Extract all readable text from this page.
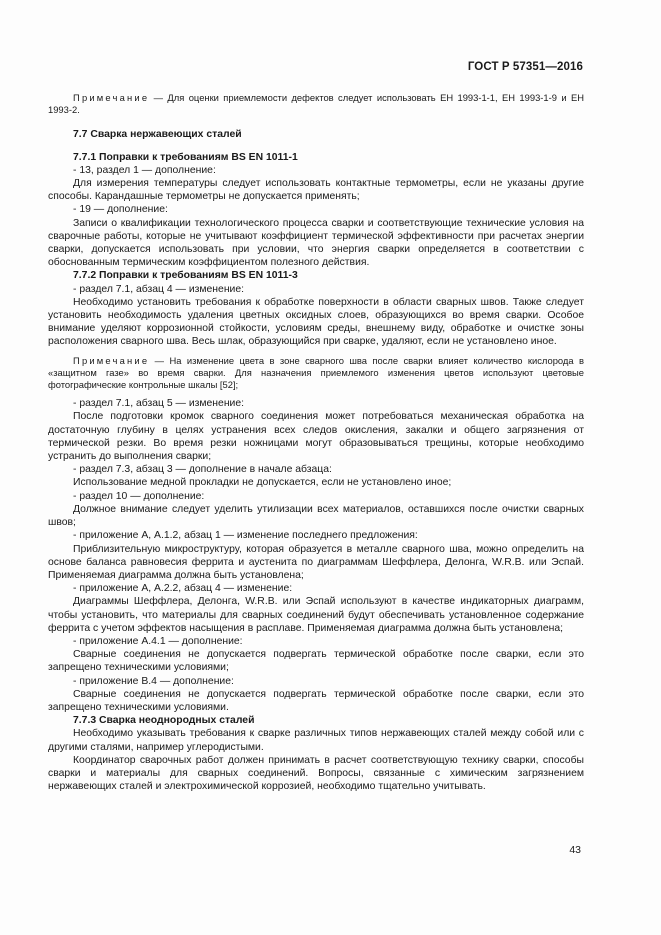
ГОСТ Р 57351—2016

Примечание — Для оценки приемлемости дефектов следует использовать ЕН 1993-1-1, ЕН 1993-1-9 и ЕН 1993-2.

7.7 Сварка нержавеющих сталей

7.7.1 Поправки к требованиям BS EN 1011-1

- 13, раздел 1 — дополнение:

Для измерения температуры следует использовать контактные термометры, если не указаны другие способы. Карандашные термометры не допускается применять;

- 19 — дополнение:

Записи о квалификации технологического процесса сварки и соответствующие технические условия на сварочные работы, которые не учитывают коэффициент термической эффективности при расчетах энергии сварки, допускается использовать при условии, что энергия сварки определяется в соответствии с обоснованным термическим коэффициентом полезного действия.

7.7.2 Поправки к требованиям BS EN 1011-3

- раздел 7.1, абзац 4 — изменение:

Необходимо установить требования к обработке поверхности в области сварных швов. Также следует установить необходимость удаления цветных оксидных слоев, образующихся во время сварки. Особое внимание уделяют коррозионной стойкости, условиям среды, внешнему виду, обработке и очистке зоны расположения сварного шва. Весь шлак, образующийся при сварке, удаляют, если не установлено иное.

Примечание — На изменение цвета в зоне сварного шва после сварки влияет количество кислорода в «защитном газе» во время сварки. Для назначения приемлемого изменения цветов используют цветовые фотографические контрольные шкалы [52];

- раздел 7.1, абзац 5 — изменение:

После подготовки кромок сварного соединения может потребоваться механическая обработка на достаточную глубину в целях устранения всех следов окисления, закалки и общего загрязнения от термической резки. Во время резки ножницами могут образовываться трещины, которые необходимо устранить до выполнения сварки;

- раздел 7.3, абзац 3 — дополнение в начале абзаца:

Использование медной прокладки не допускается, если не установлено иное;

- раздел 10 — дополнение:

Должное внимание следует уделить утилизации всех материалов, оставшихся после очистки сварных швов;

- приложение А, А.1.2, абзац 1 — изменение последнего предложения:

Приблизительную микроструктуру, которая образуется в металле сварного шва, можно определить на основе баланса равновесия феррита и аустенита по диаграммам Шеффлера, Делонга, W.R.B. или Эспай. Применяемая диаграмма должна быть установлена;

- приложение А, А.2.2, абзац 4 — изменение:

Диаграммы Шеффлера, Делонга, W.R.B. или Эспай используют в качестве индикаторных диаграмм, чтобы установить, что материалы для сварных соединений будут обеспечивать установленное содержание феррита с учетом эффектов насыщения в расплаве. Применяемая диаграмма должна быть установлена;

- приложение А.4.1 — дополнение:

Сварные соединения не допускается подвергать термической обработке после сварки, если это запрещено техническими условиями;

- приложение В.4 — дополнение:

Сварные соединения не допускается подвергать термической обработке после сварки, если это запрещено техническими условиями.

7.7.3 Сварка неоднородных сталей

Необходимо указывать требования к сварке различных типов нержавеющих сталей между собой или с другими сталями, например углеродистыми.

Координатор сварочных работ должен принимать в расчет соответствующую технику сварки, способы сварки и материалы для сварных соединений. Вопросы, связанные с химическим загрязнением нержавеющих сталей и электрохимической коррозией, необходимо тщательно учитывать.

43
